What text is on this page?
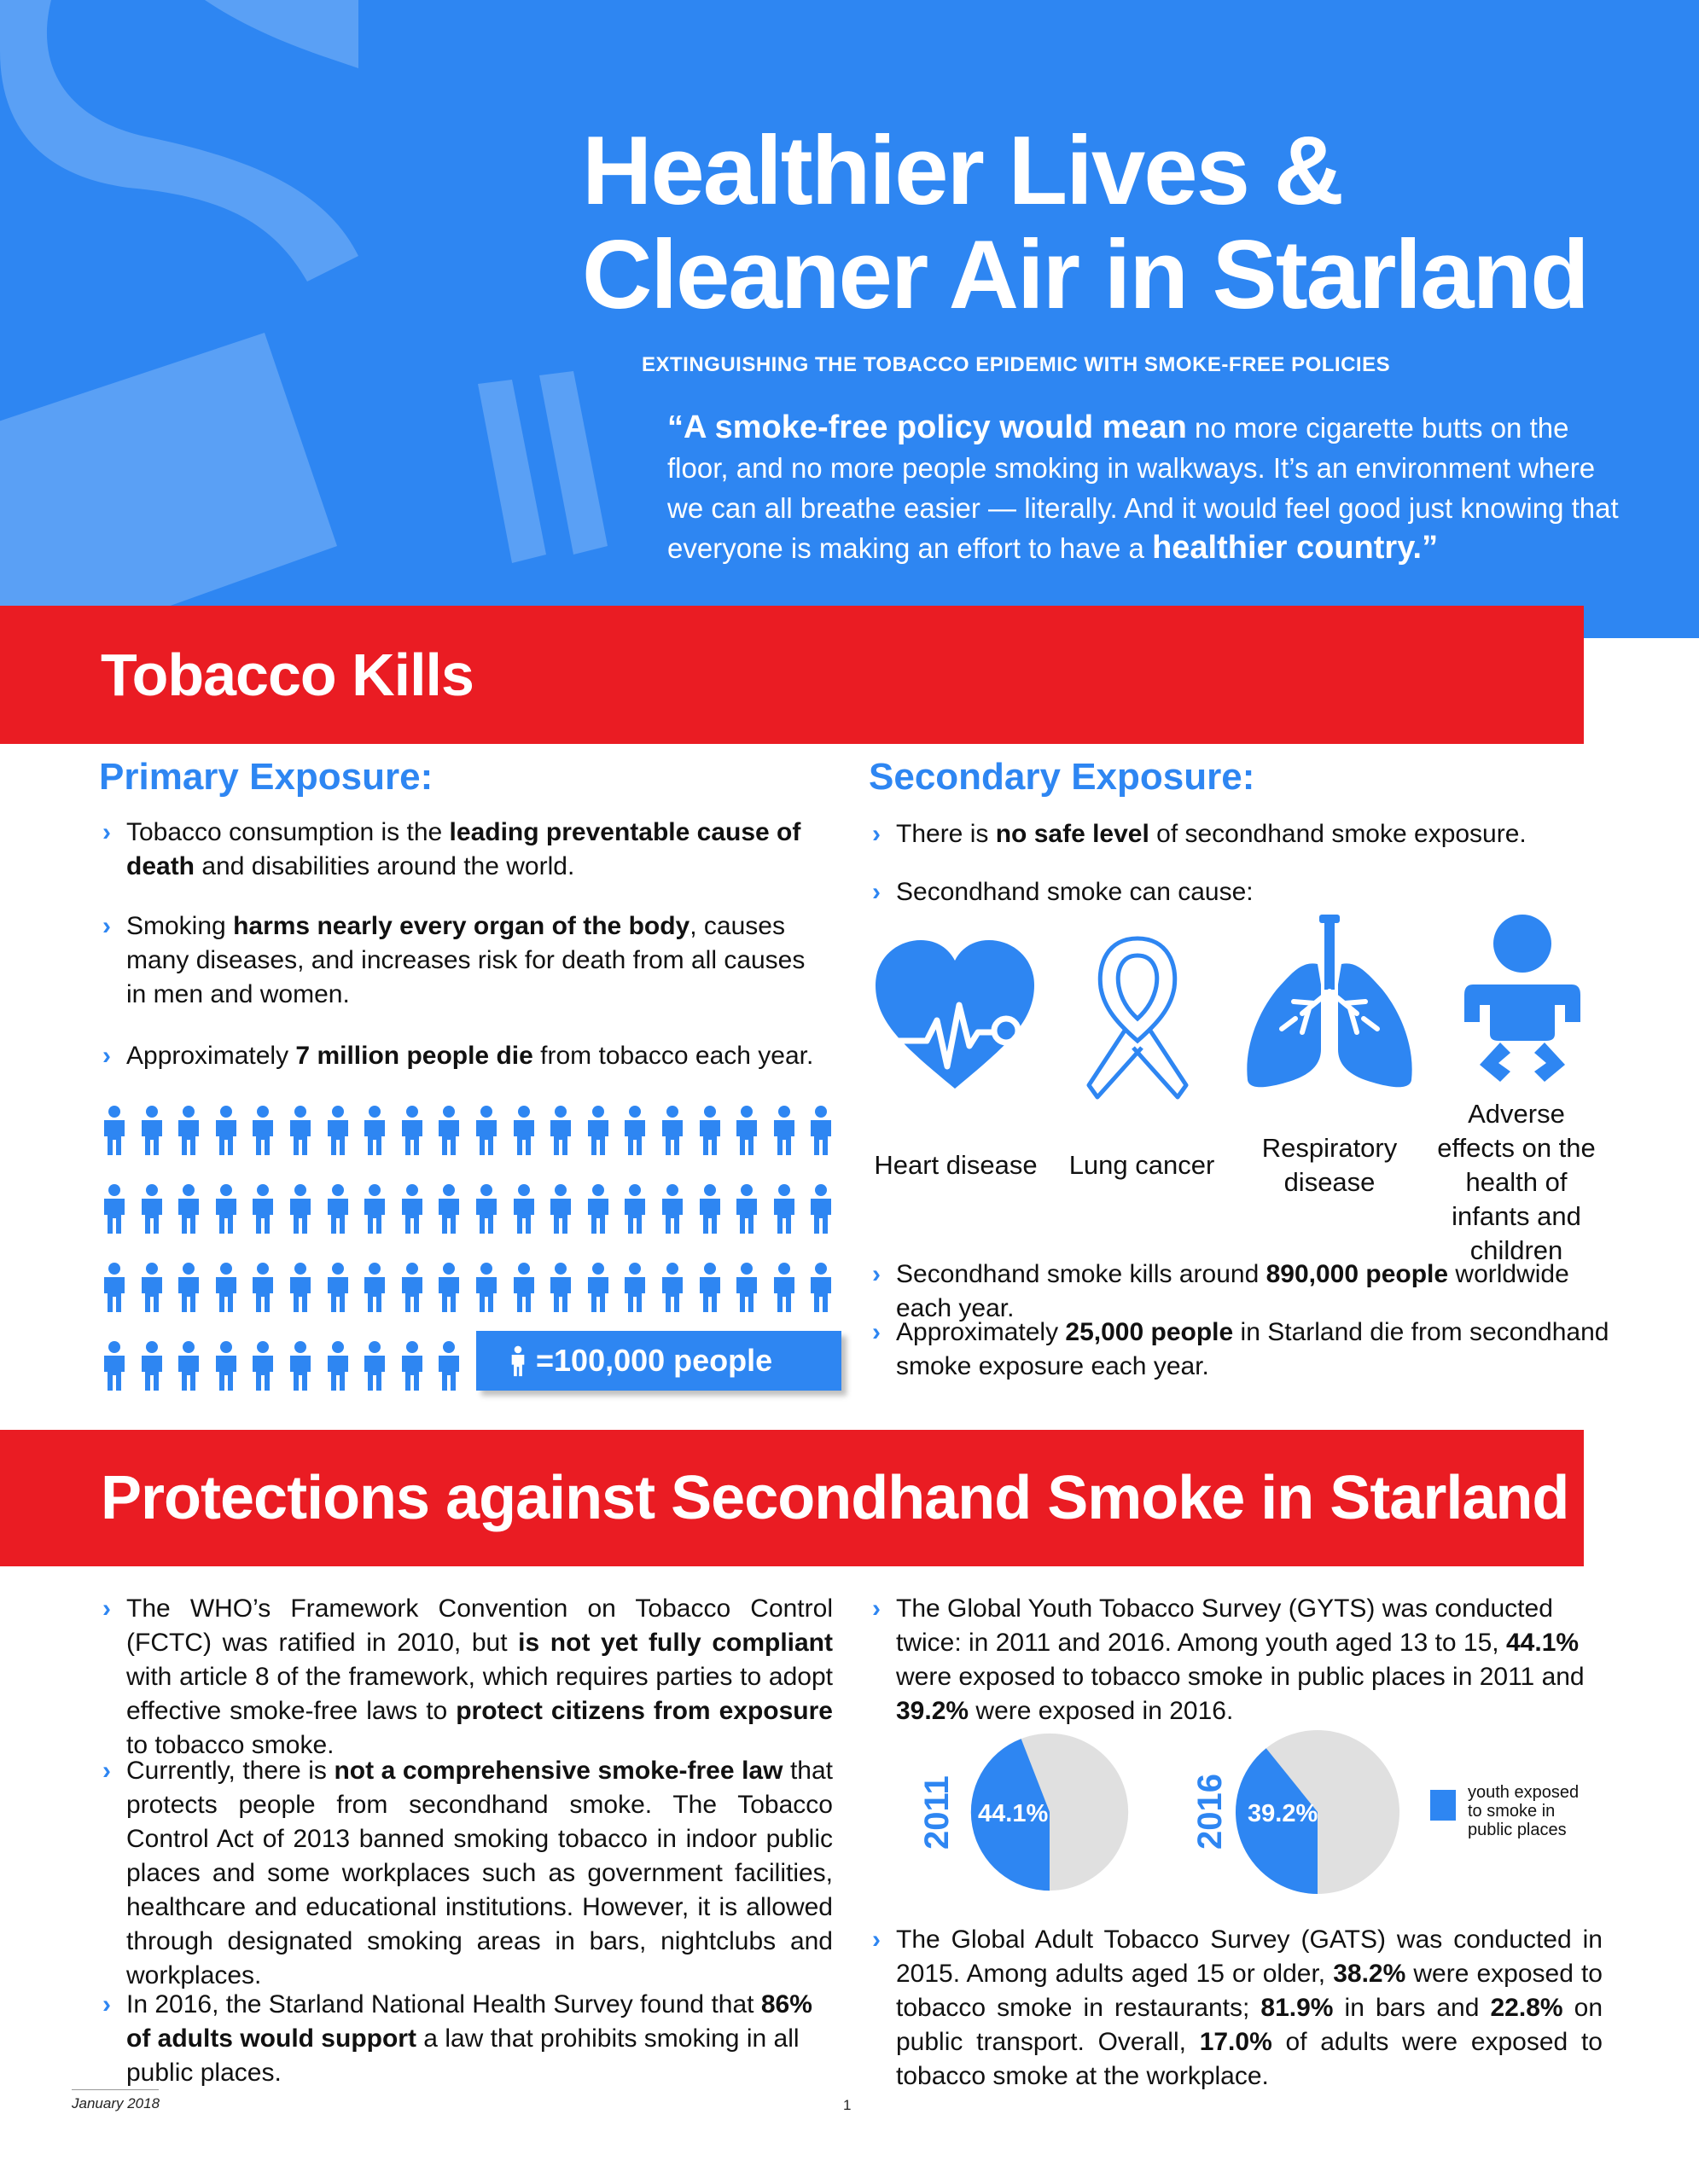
Healthier Lives &
Cleaner Air in Starland
EXTINGUISHING THE TOBACCO EPIDEMIC WITH SMOKE-FREE POLICIES
“A smoke-free policy would mean no more cigarette butts on the floor, and no more people smoking in walkways. It’s an environment where we can all breathe easier — literally. And it would feel good just knowing that everyone is making an effort to have a healthier country.”
Tobacco Kills
Primary Exposure:
› Tobacco consumption is the leading preventable cause of death and disabilities around the world.
› Smoking harms nearly every organ of the body, causes many diseases, and increases risk for death from all causes in men and women.
› Approximately 7 million people die from tobacco each year.
=100,000 people
Secondary Exposure:
› There is no safe level of secondhand smoke exposure.
› Secondhand smoke can cause:
Heart disease	Lung cancer
Respiratory disease
Adverse effects on the health of infants and children
› Secondhand smoke kills around 890,000 people worldwide each year.
› Approximately 25,000 people in Starland die from secondhand smoke exposure each year.
Protections against Secondhand Smoke in Starland
› The WHO’s Framework Convention on Tobacco Control (FCTC) was ratified in 2010, but is not yet fully compliant with article 8 of the framework, which requires parties to adopt effective smoke-free laws to protect citizens from exposure to tobacco smoke.
› Currently, there is not a comprehensive smoke-free law that protects people from secondhand smoke. The Tobacco Control Act of 2013 banned smoking tobacco in indoor public places and some workplaces such as government facilities, healthcare and educational institutions. However, it is allowed through designated smoking areas in bars, nightclubs and workplaces.
› In 2016, the Starland National Health Survey found that 86% of adults would support a law that prohibits smoking in all public places.
› The Global Youth Tobacco Survey (GYTS) was conducted twice: in 2011 and 2016. Among youth aged 13 to 15, 44.1% were exposed to tobacco smoke in public places in 2011 and 39.2% were exposed in 2016.
2011 44.1%	2016 39.2%
youth exposed to smoke in public places
› The Global Adult Tobacco Survey (GATS) was conducted in 2015. Among adults aged 15 or older, 38.2% were exposed to tobacco smoke in restaurants; 81.9% in bars and 22.8% on public transport. Overall, 17.0% of adults were exposed to tobacco smoke at the workplace.
January 2018	1
